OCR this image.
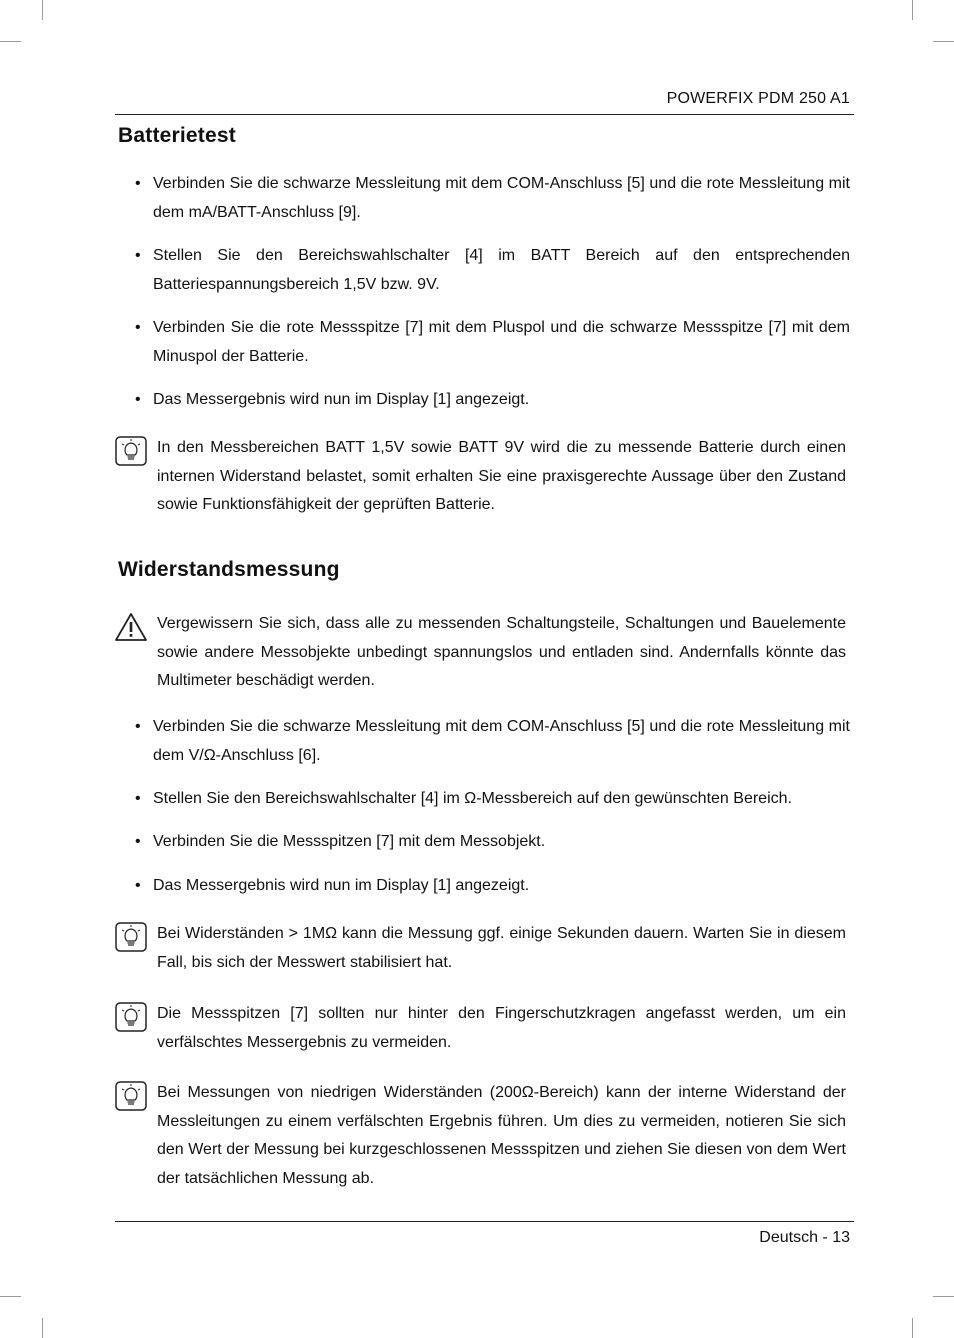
POWERFIX PDM 250 A1
Batterietest
• Verbinden Sie die schwarze Messleitung mit dem COM-Anschluss [5] und die rote Messleitung mit dem mA/BATT-Anschluss [9].
• Stellen Sie den Bereichswahlschalter [4] im BATT Bereich auf den entsprechenden Batteriespannungsbereich 1,5V bzw. 9V.
• Verbinden Sie die rote Messspitze [7] mit dem Pluspol und die schwarze Messspitze [7] mit dem Minuspol der Batterie.
• Das Messergebnis wird nun im Display [1] angezeigt.
In den Messbereichen BATT 1,5V sowie BATT 9V wird die zu messende Batterie durch einen internen Widerstand belastet, somit erhalten Sie eine praxisgerechte Aussage über den Zustand sowie Funktionsfähigkeit der geprüften Batterie.
Widerstandsmessung
Vergewissern Sie sich, dass alle zu messenden Schaltungsteile, Schaltungen und Bauelemente sowie andere Messobjekte unbedingt spannungslos und entladen sind. Andernfalls könnte das Multimeter beschädigt werden.
• Verbinden Sie die schwarze Messleitung mit dem COM-Anschluss [5] und die rote Messleitung mit dem V/Ω-Anschluss [6].
• Stellen Sie den Bereichswahlschalter [4] im Ω-Messbereich auf den gewünschten Bereich.
• Verbinden Sie die Messspitzen [7] mit dem Messobjekt.
• Das Messergebnis wird nun im Display [1] angezeigt.
Bei Widerständen > 1MΩ kann die Messung ggf. einige Sekunden dauern. Warten Sie in diesem Fall, bis sich der Messwert stabilisiert hat.
Die Messspitzen [7] sollten nur hinter den Fingerschutzkragen angefasst werden, um ein verfälschtes Messergebnis zu vermeiden.
Bei Messungen von niedrigen Widerständen (200Ω-Bereich) kann der interne Widerstand der Messleitungen zu einem verfälschten Ergebnis führen. Um dies zu vermeiden, notieren Sie sich den Wert der Messung bei kurzgeschlossenen Messspitzen und ziehen Sie diesen von dem Wert der tatsächlichen Messung ab.
Deutsch - 13
